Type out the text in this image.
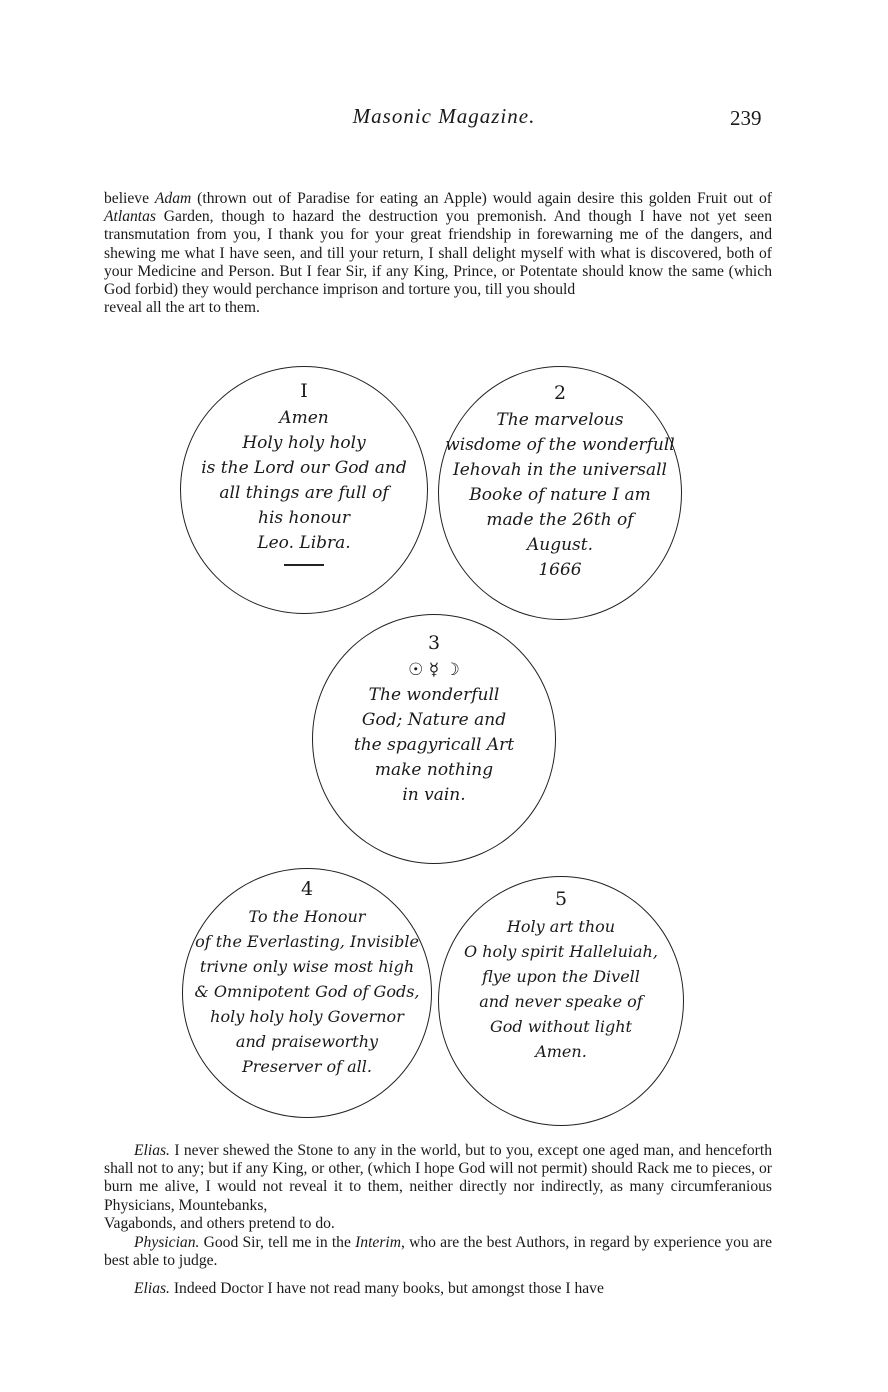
Masonic Magazine.	239

believe Adam (thrown out of Paradise for eating an Apple) would again desire this golden Fruit out of Atlantas Garden, though to hazard the destruction you premonish. And though I have not yet seen transmutation from you, I thank you for your great friendship in forewarning me of the dangers, and shewing me what I have seen, and till your return, I shall delight myself with what is discovered, both of your Medicine and Person. But I fear Sir, if any King, Prince, or Potentate should know the same (which God forbid) they would perchance imprison and torture you, till you should
reveal all the art to them.

I
Amen
Holy holy holy
is the Lord our God and
all things are full of
his honour
Leo. Libra.
2
The marvelous
wisdome of the wonderfull
Iehovah in the universall
Booke of nature I am
made the 26th of
August.
1666
3
☉ ☿ ☽
The wonderfull
God; Nature and
the spagyricall Art
make nothing
in vain.
4
To the Honour
of the Everlasting, Invisible
trivne only wise most high
& Omnipotent God of Gods,
holy holy holy Governor
and praiseworthy
Preserver of all.
5
Holy art thou
O holy spirit Halleluiah,
flye upon the Divell
and never speake of
God without light
Amen.

Elias. I never shewed the Stone to any in the world, but to you, except one aged man, and henceforth shall not to any; but if any King, or other, (which I hope God will not permit) should Rack me to pieces, or burn me alive, I would not reveal it to them, neither directly nor indirectly, as many circumferanious Physicians, Mountebanks,
Vagabonds, and others pretend to do.

Physician. Good Sir, tell me in the Interim, who are the best Authors, in regard by experience you are best able to judge.

Elias. Indeed Doctor I have not read many books, but amongst those I have
